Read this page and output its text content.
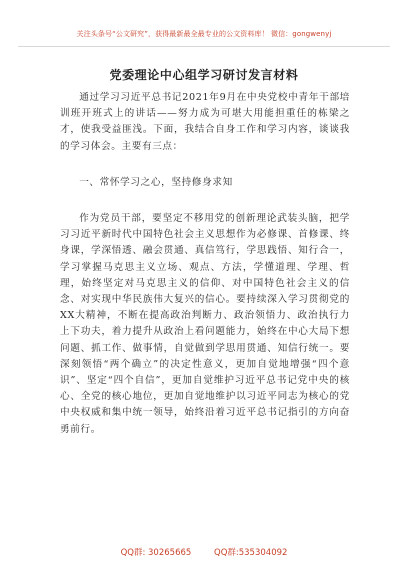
关注头条号“公文研究”，获得最新最全最专业的公文资料库！ 微信：gongwenyj
党委理论中心组学习研讨发言材料

通过学习习近平总书记2021年9月在中央党校中青年干部培训班开班式上的讲话——努力成为可堪大用能担重任的栋梁之才，使我受益匪浅。下面，我结合自身工作和学习内容，谈谈我的学习体会。主要有三点：

一、常怀学习之心，坚持修身求知

作为党员干部，要坚定不移用党的创新理论武装头脑，把学习习近平新时代中国特色社会主义思想作为必修课、首修课、终身课，学深悟透、融会贯通、真信笃行，学思践悟、知行合一，学习掌握马克思主义立场、观点、方法，学懂道理、学理、哲理，始终坚定对马克思主义的信仰、对中国特色社会主义的信念、对实现中华民族伟大复兴的信心。要持续深入学习贯彻党的XX大精神，不断在提高政治判断力、政治领悟力、政治执行力上下功夫，着力提升从政治上看问题能力，始终在中心大局下想问题、抓工作、做事情，自觉做到学思用贯通、知信行统一。要深刻领悟“两个确立”的决定性意义，更加自觉地增强“四个意识”、坚定“四个自信”，更加自觉维护习近平总书记党中央的核心、全党的核心地位，更加自觉地维护以习近平同志为核心的党中央权威和集中统一领导，始终沿着习近平总书记指引的方向奋勇前行。

QQ群: 30265665	QQ群:535304092
